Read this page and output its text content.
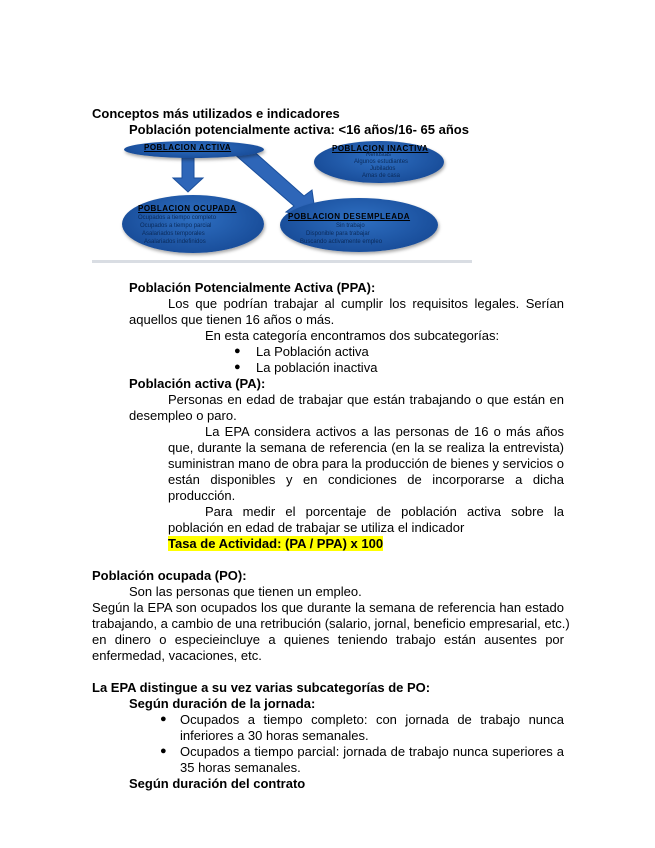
Conceptos más utilizados e indicadores
Población potencialmente activa: <16 años/16- 65 años
POBLACION ACTIVA	POBLACION INACTIVA
Rentistas
Algunos estudiantes
Jubilados
Amas de casa
POBLACION OCUPADA
Ocupados a tiempo completo
Ocupados a tiempo parcial
Asalariados temporales
Asalariados indefinidos
POBLACION DESEMPLEADA
Sin trabajo
Disponible para trabajar
Buscando activamente empleo
Población Potencialmente Activa (PPA):
Los que podrían trabajar al cumplir los requisitos legales. Serían
aquellos que tienen 16 años o más.
En esta categoría encontramos dos subcategorías:
● La Población activa
● La población inactiva
Población activa (PA):
Personas en edad de trabajar que están trabajando o que están en
desempleo o paro.
La EPA considera activos a las personas de 16 o más años
que, durante la semana de referencia (en la se realiza la entrevista)
suministran mano de obra para la producción de bienes y servicios o
están disponibles y en condiciones de incorporarse a dicha
producción.
Para medir el porcentaje de población activa sobre la
población en edad de trabajar se utiliza el indicador
Tasa de Actividad: (PA / PPA) x 100
Población ocupada (PO):
Son las personas que tienen un empleo.
Según la EPA son ocupados los que durante la semana de referencia han estado
trabajando, a cambio de una retribución (salario, jornal, beneficio empresarial, etc.)
en dinero o especieincluye a quienes teniendo trabajo están ausentes por
enfermedad, vacaciones, etc.
La EPA distingue a su vez varias subcategorías de PO:
Según duración de la jornada:
● Ocupados a tiempo completo: con jornada de trabajo nunca
inferiores a 30 horas semanales.
● Ocupados a tiempo parcial: jornada de trabajo nunca superiores a
35 horas semanales.
Según duración del contrato
